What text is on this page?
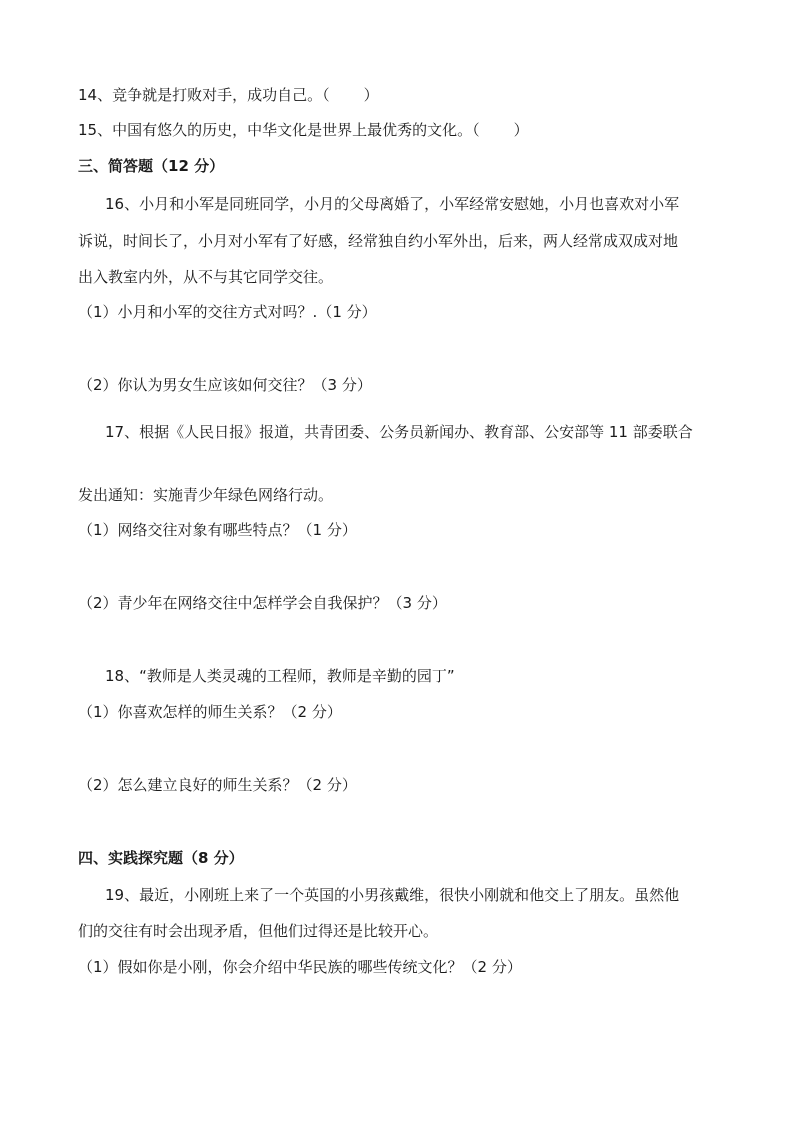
14、竞争就是打败对手，成功自己。（ ）
15、中国有悠久的历史，中华文化是世界上最优秀的文化。（ ）
三、简答题（12 分）
16、小月和小军是同班同学，小月的父母离婚了，小军经常安慰她，小月也喜欢对小军
诉说，时间长了，小月对小军有了好感，经常独自约小军外出，后来，两人经常成双成对地
出入教室内外，从不与其它同学交往。
（1）小月和小军的交往方式对吗？.（1 分）
（2）你认为男女生应该如何交往？（3 分）
17、根据《人民日报》报道，共青团委、公务员新闻办、教育部、公安部等 11 部委联合
发出通知：实施青少年绿色网络行动。
（1）网络交往对象有哪些特点？（1 分）
（2）青少年在网络交往中怎样学会自我保护？（3 分）
18、“教师是人类灵魂的工程师，教师是辛勤的园丁”
（1）你喜欢怎样的师生关系？（2 分）
（2）怎么建立良好的师生关系？（2 分）
四、实践探究题（8 分）
19、最近，小刚班上来了一个英国的小男孩戴维，很快小刚就和他交上了朋友。虽然他
们的交往有时会出现矛盾，但他们过得还是比较开心。
（1）假如你是小刚，你会介绍中华民族的哪些传统文化？（2 分）
